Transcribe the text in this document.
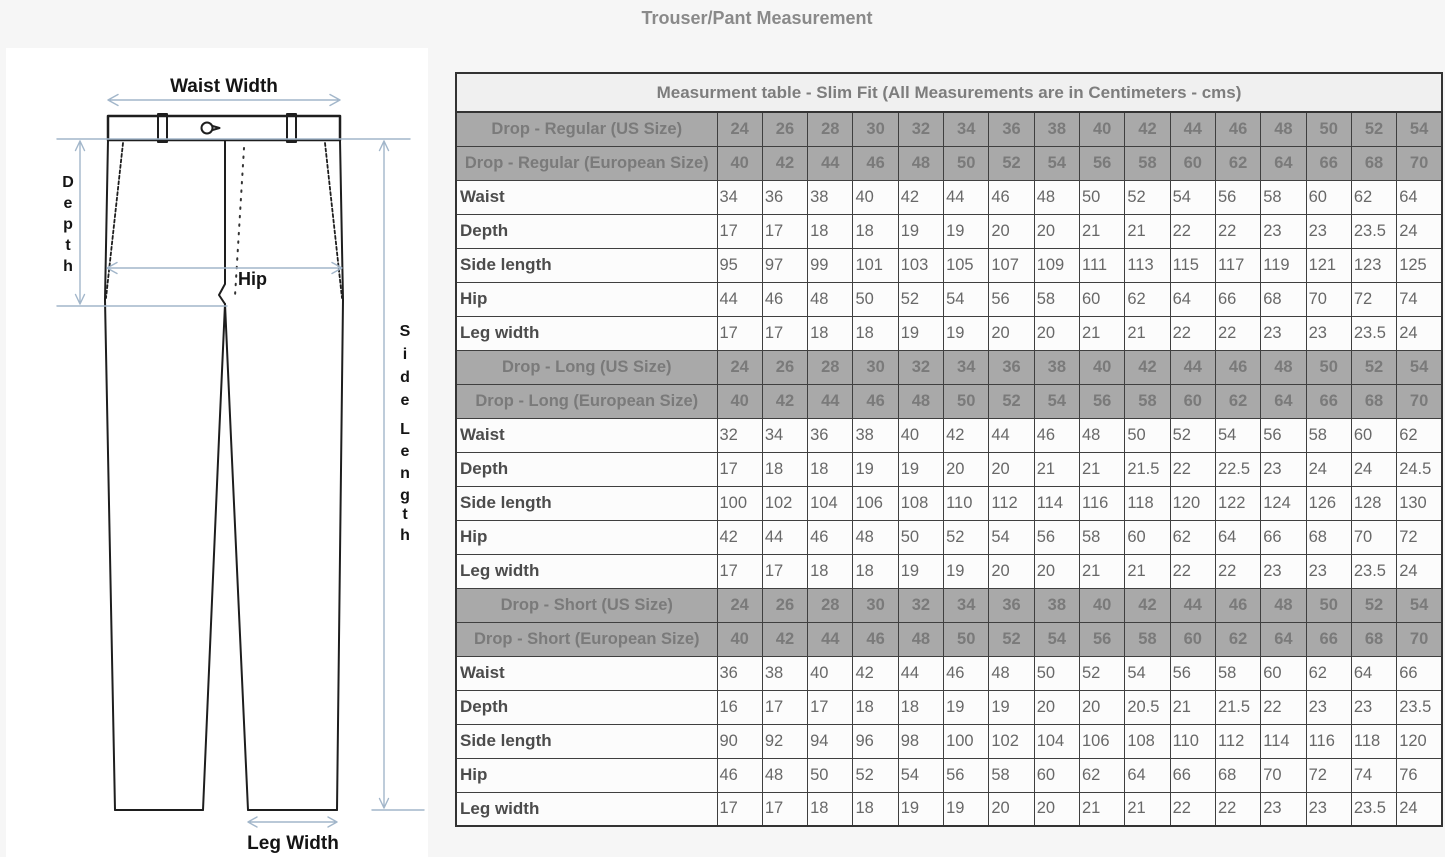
Trouser/Pant Measurement
Waist Width
D e p t h
Hip
S i d e
L e n g t h
Leg Width
Measurment table - Slim Fit (All Measurements are in Centimeters - cms)																
Drop - Regular (US Size)	24	26	28	30	32	34	36	38	40	42	44	46	48	50	52	54
Drop - Regular (European Size)	40	42	44	46	48	50	52	54	56	58	60	62	64	66	68	70
Waist	34	36	38	40	42	44	46	48	50	52	54	56	58	60	62	64
Depth	17	17	18	18	19	19	20	20	21	21	22	22	23	23	23.5	24
Side length	95	97	99	101	103	105	107	109	111	113	115	117	119	121	123	125
Hip	44	46	48	50	52	54	56	58	60	62	64	66	68	70	72	74
Leg width	17	17	18	18	19	19	20	20	21	21	22	22	23	23	23.5	24
Drop - Long (US Size)	24	26	28	30	32	34	36	38	40	42	44	46	48	50	52	54
Drop - Long (European Size)	40	42	44	46	48	50	52	54	56	58	60	62	64	66	68	70
Waist	32	34	36	38	40	42	44	46	48	50	52	54	56	58	60	62
Depth	17	18	18	19	19	20	20	21	21	21.5	22	22.5	23	24	24	24.5
Side length	100	102	104	106	108	110	112	114	116	118	120	122	124	126	128	130
Hip	42	44	46	48	50	52	54	56	58	60	62	64	66	68	70	72
Leg width	17	17	18	18	19	19	20	20	21	21	22	22	23	23	23.5	24
Drop - Short (US Size)	24	26	28	30	32	34	36	38	40	42	44	46	48	50	52	54
Drop - Short (European Size)	40	42	44	46	48	50	52	54	56	58	60	62	64	66	68	70
Waist	36	38	40	42	44	46	48	50	52	54	56	58	60	62	64	66
Depth	16	17	17	18	18	19	19	20	20	20.5	21	21.5	22	23	23	23.5
Side length	90	92	94	96	98	100	102	104	106	108	110	112	114	116	118	120
Hip	46	48	50	52	54	56	58	60	62	64	66	68	70	72	74	76
Leg width	17	17	18	18	19	19	20	20	21	21	22	22	23	23	23.5	24
